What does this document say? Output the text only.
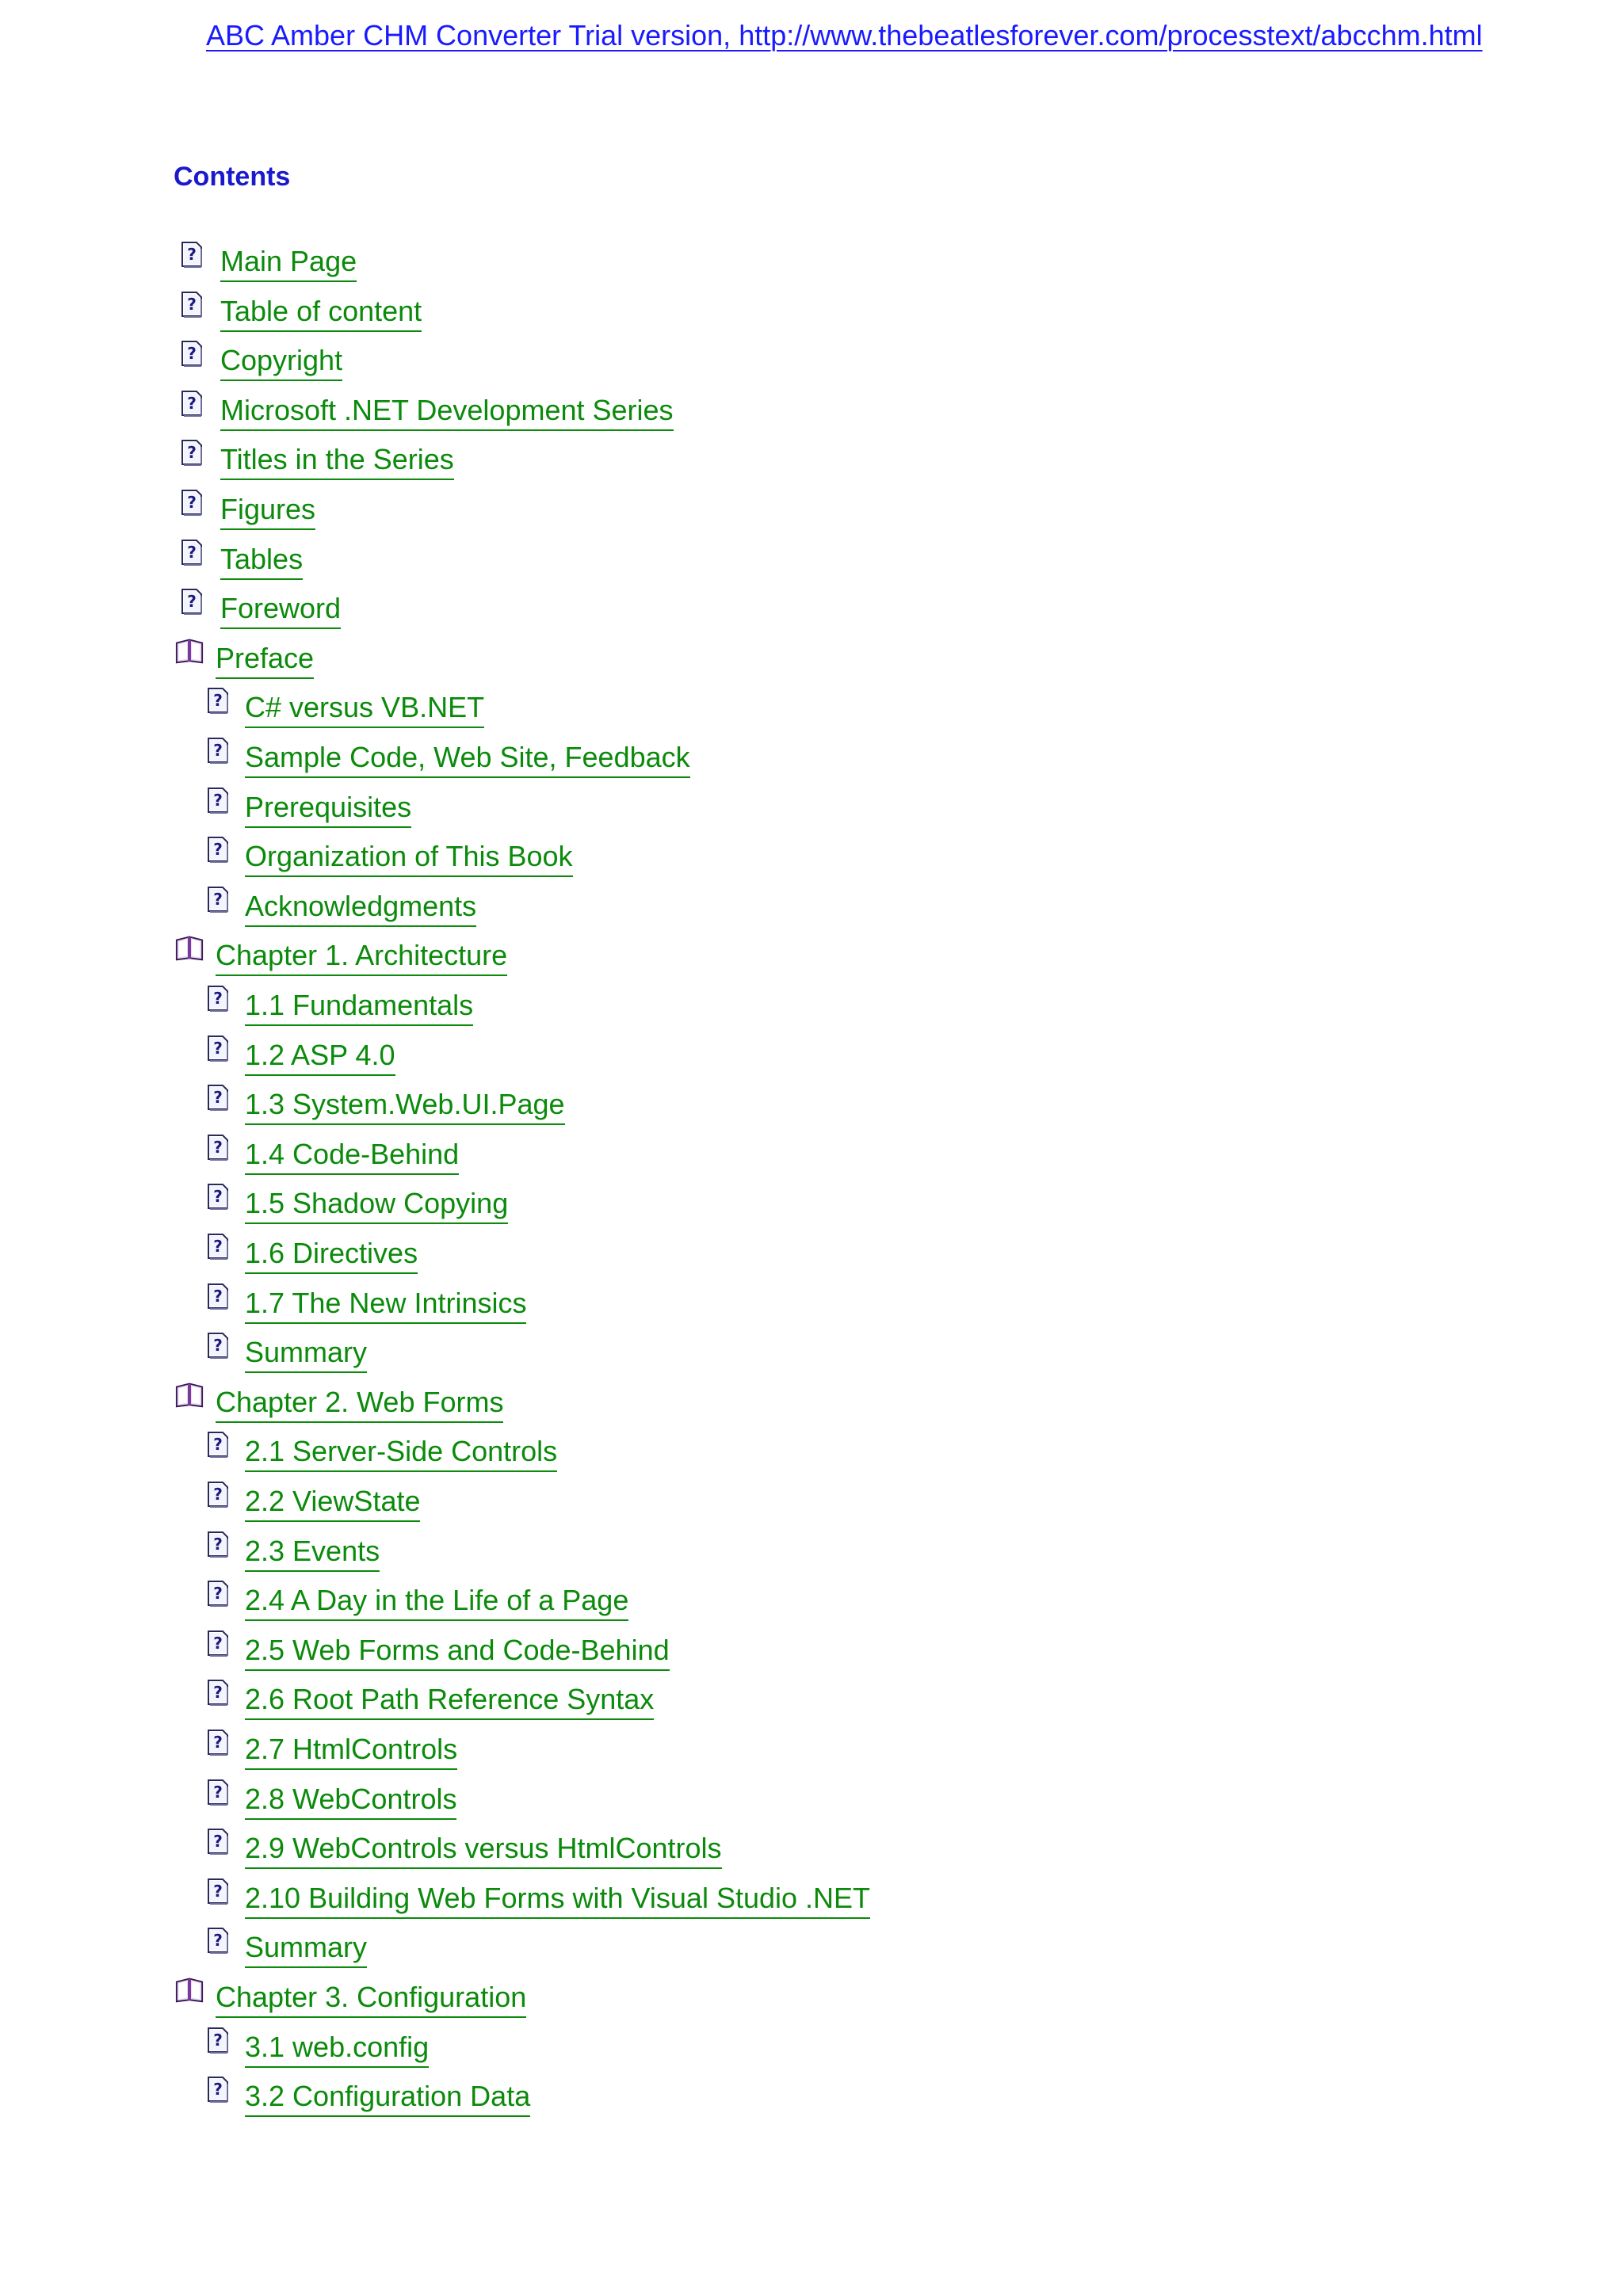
ABC Amber CHM Converter Trial version, http://www.thebeatlesforever.com/processtext/abcchm.html
Contents
? Main Page
? Table of content
? Copyright
? Microsoft .NET Development Series
? Titles in the Series
? Figures
? Tables
? Foreword
Preface
? C# versus VB.NET
? Sample Code, Web Site, Feedback
? Prerequisites
? Organization of This Book
? Acknowledgments
Chapter 1. Architecture
? 1.1 Fundamentals
? 1.2 ASP 4.0
? 1.3 System.Web.UI.Page
? 1.4 Code-Behind
? 1.5 Shadow Copying
? 1.6 Directives
? 1.7 The New Intrinsics
? Summary
Chapter 2. Web Forms
? 2.1 Server-Side Controls
? 2.2 ViewState
? 2.3 Events
? 2.4 A Day in the Life of a Page
? 2.5 Web Forms and Code-Behind
? 2.6 Root Path Reference Syntax
? 2.7 HtmlControls
? 2.8 WebControls
? 2.9 WebControls versus HtmlControls
? 2.10 Building Web Forms with Visual Studio .NET
? Summary
Chapter 3. Configuration
? 3.1 web.config
? 3.2 Configuration Data
